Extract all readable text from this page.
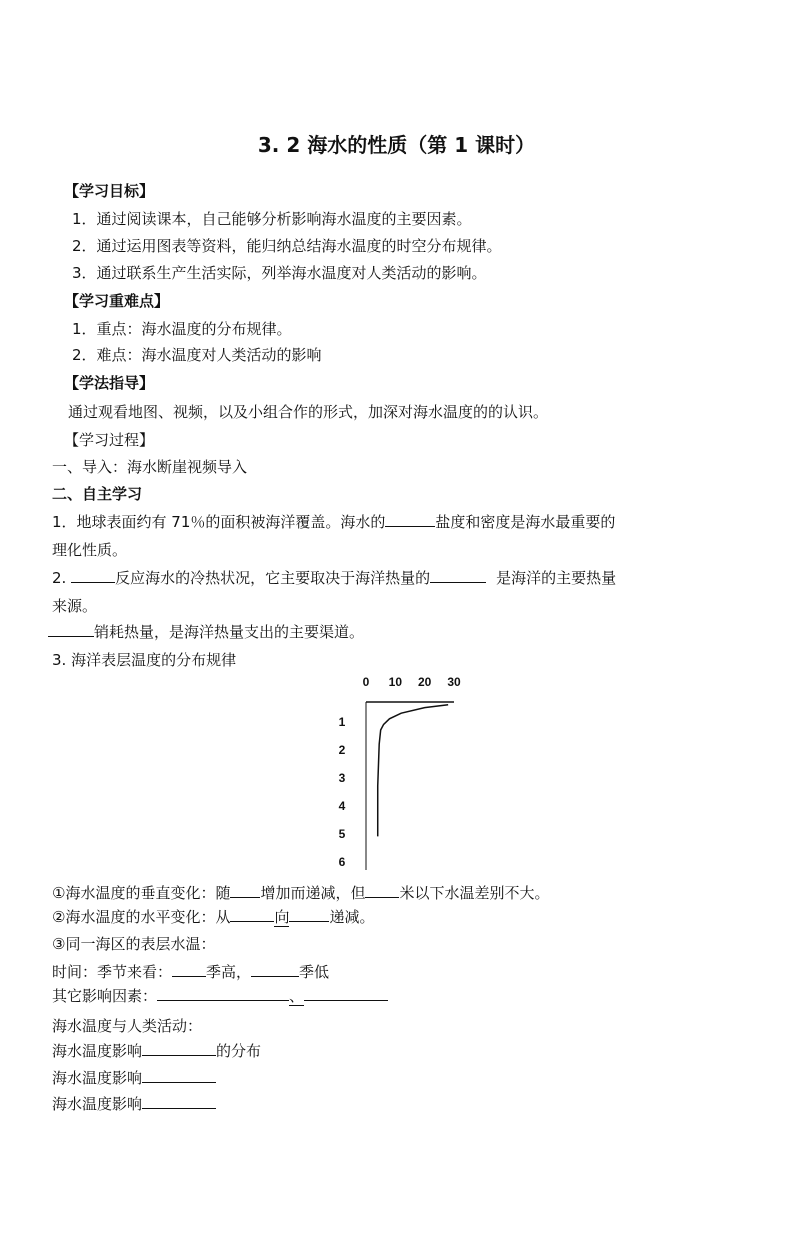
3. 2 海水的性质（第 1 课时）
【学习目标】
1．通过阅读课本，自己能够分析影响海水温度的主要因素。
2．通过运用图表等资料，能归纳总结海水温度的时空分布规律。
3．通过联系生产生活实际，列举海水温度对人类活动的影响。
【学习重难点】
1．重点：海水温度的分布规律。
2．难点：海水温度对人类活动的影响
【学法指导】
通过观看地图、视频，以及小组合作的形式，加深对海水温度的的认识。
【学习过程】
一、导入：海水断崖视频导入
二、自主学习
1．地球表面约有 71％的面积被海洋覆盖。海水的	盐度和密度是海水最重要的
理化性质。
2.	反应海水的冷热状况，它主要取决于海洋热量的	是海洋的主要热量
来源。
销耗热量，是海洋热量支出的主要渠道。
3. 海洋表层温度的分布规律
0 10 20 30
1
2
3
4
5
6
①海水温度的垂直变化：随 增加而递减，但 米以下水温差别不大。
②海水温度的水平变化：从	向	递减。
③同一海区的表层水温：
时间：季节来看： 季高，	季低
其它影响因素：	、
海水温度与人类活动：
海水温度影响	的分布
海水温度影响
海水温度影响
